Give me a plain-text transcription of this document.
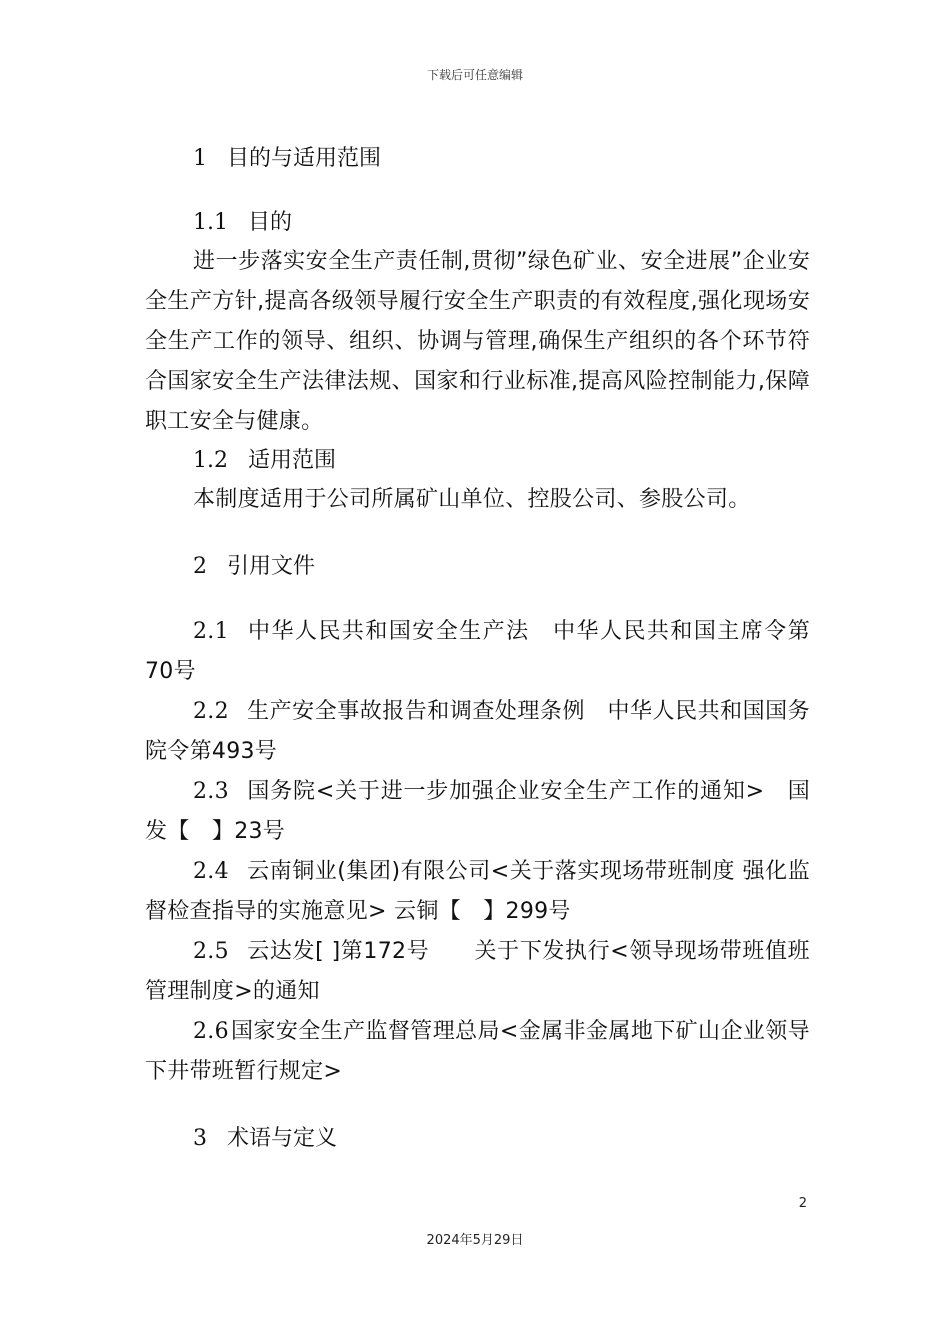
下载后可任意编辑

1 目的与适用范围

1.1 目的

进一步落实安全生产责任制,贯彻”绿色矿业、安全进展”企业安全生产方针,提高各级领导履行安全生产职责的有效程度,强化现场安全生产工作的领导、组织、协调与管理,确保生产组织的各个环节符合国家安全生产法律法规、国家和行业标准,提高风险控制能力,保障职工安全与健康。

1.2 适用范围

本制度适用于公司所属矿山单位、控股公司、参股公司。

2 引用文件

2.1 中华人民共和国安全生产法　中华人民共和国主席令第70号

2.2 生产安全事故报告和调查处理条例　中华人民共和国国务院令第493号

2.3 国务院<关于进一步加强企业安全生产工作的通知>　国发【　】23号

2.4 云南铜业(集团)有限公司<关于落实现场带班制度 强化监督检查指导的实施意见> 云铜【　】299号

2.5 云达发[ ]第172号　　关于下发执行<领导现场带班值班管理制度>的通知

2.6国家安全生产监督管理总局<金属非金属地下矿山企业领导下井带班暂行规定>

3 术语与定义

2
2024年5月29日
